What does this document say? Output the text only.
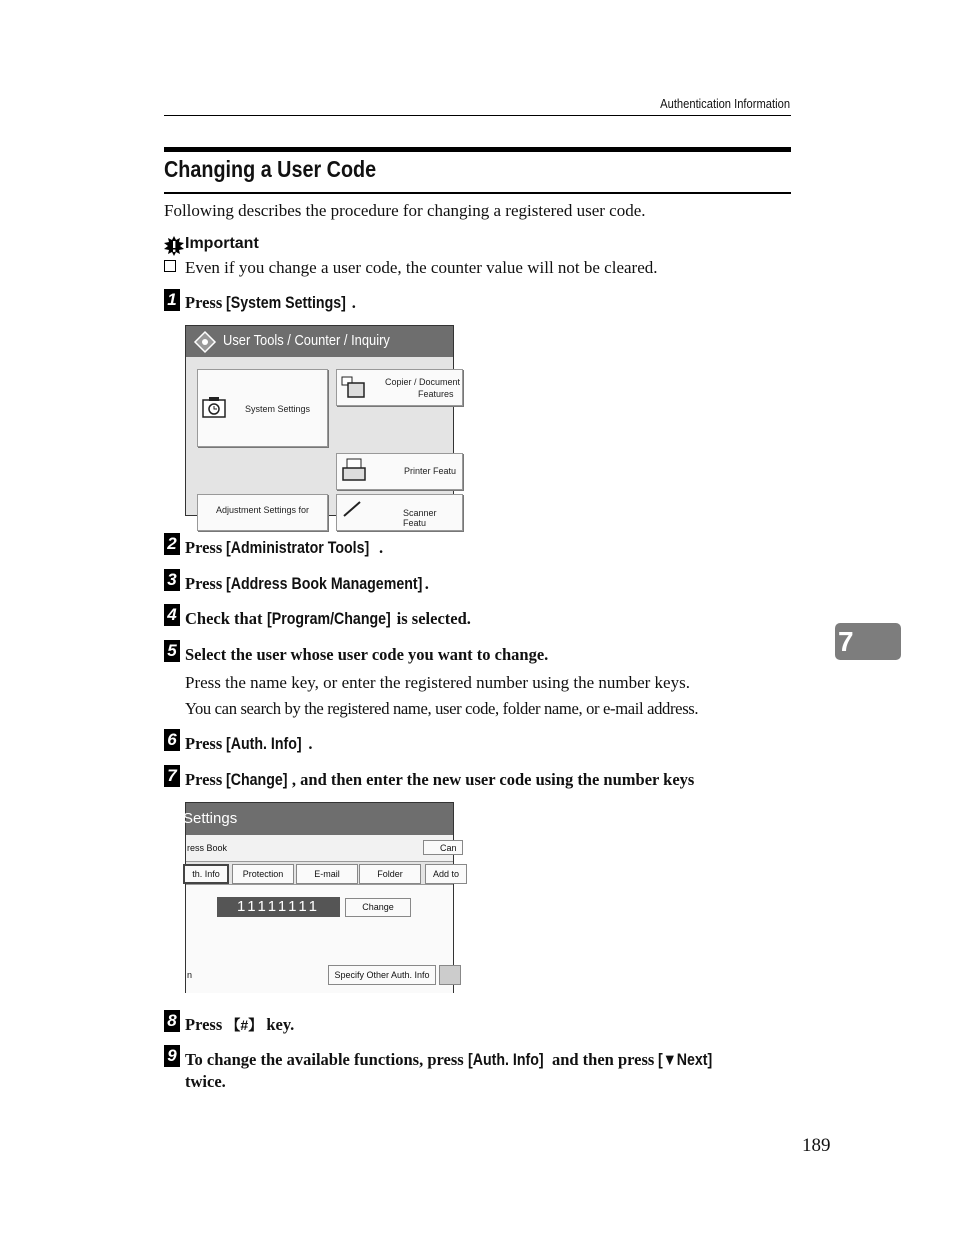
Authentication Information
Changing a User Code
Following describes the procedure for changing a registered user code.
Important
Even if you change a user code, the counter value will not be cleared.
1 Press [System Settings] .
User Tools / Counter / Inquiry
System Settings
Copier / Document
Features
Printer Featu
Adjustment Settings for	Scanner Featu
2 Press [Administrator Tools] .
3 Press [Address Book Management] .
4 Check that [Program/Change] is selected.
5 Select the user whose user code you want to change.
Press the name key, or enter the registered number using the number keys.
You can search by the registered name, user code, folder name, or e-mail address.
6 Press [Auth. Info] .
7 Press [Change] , and then enter the new user code using the number keys
Settings
ress Book	Can
th. Info	Protection	E-mail	Folder	Add to
11111111	Change
n	Specify Other Auth. Info
8 Press 【#】 key.
9 To change the available functions, press [Auth. Info] and then press [▼Next]
twice.
7
189
